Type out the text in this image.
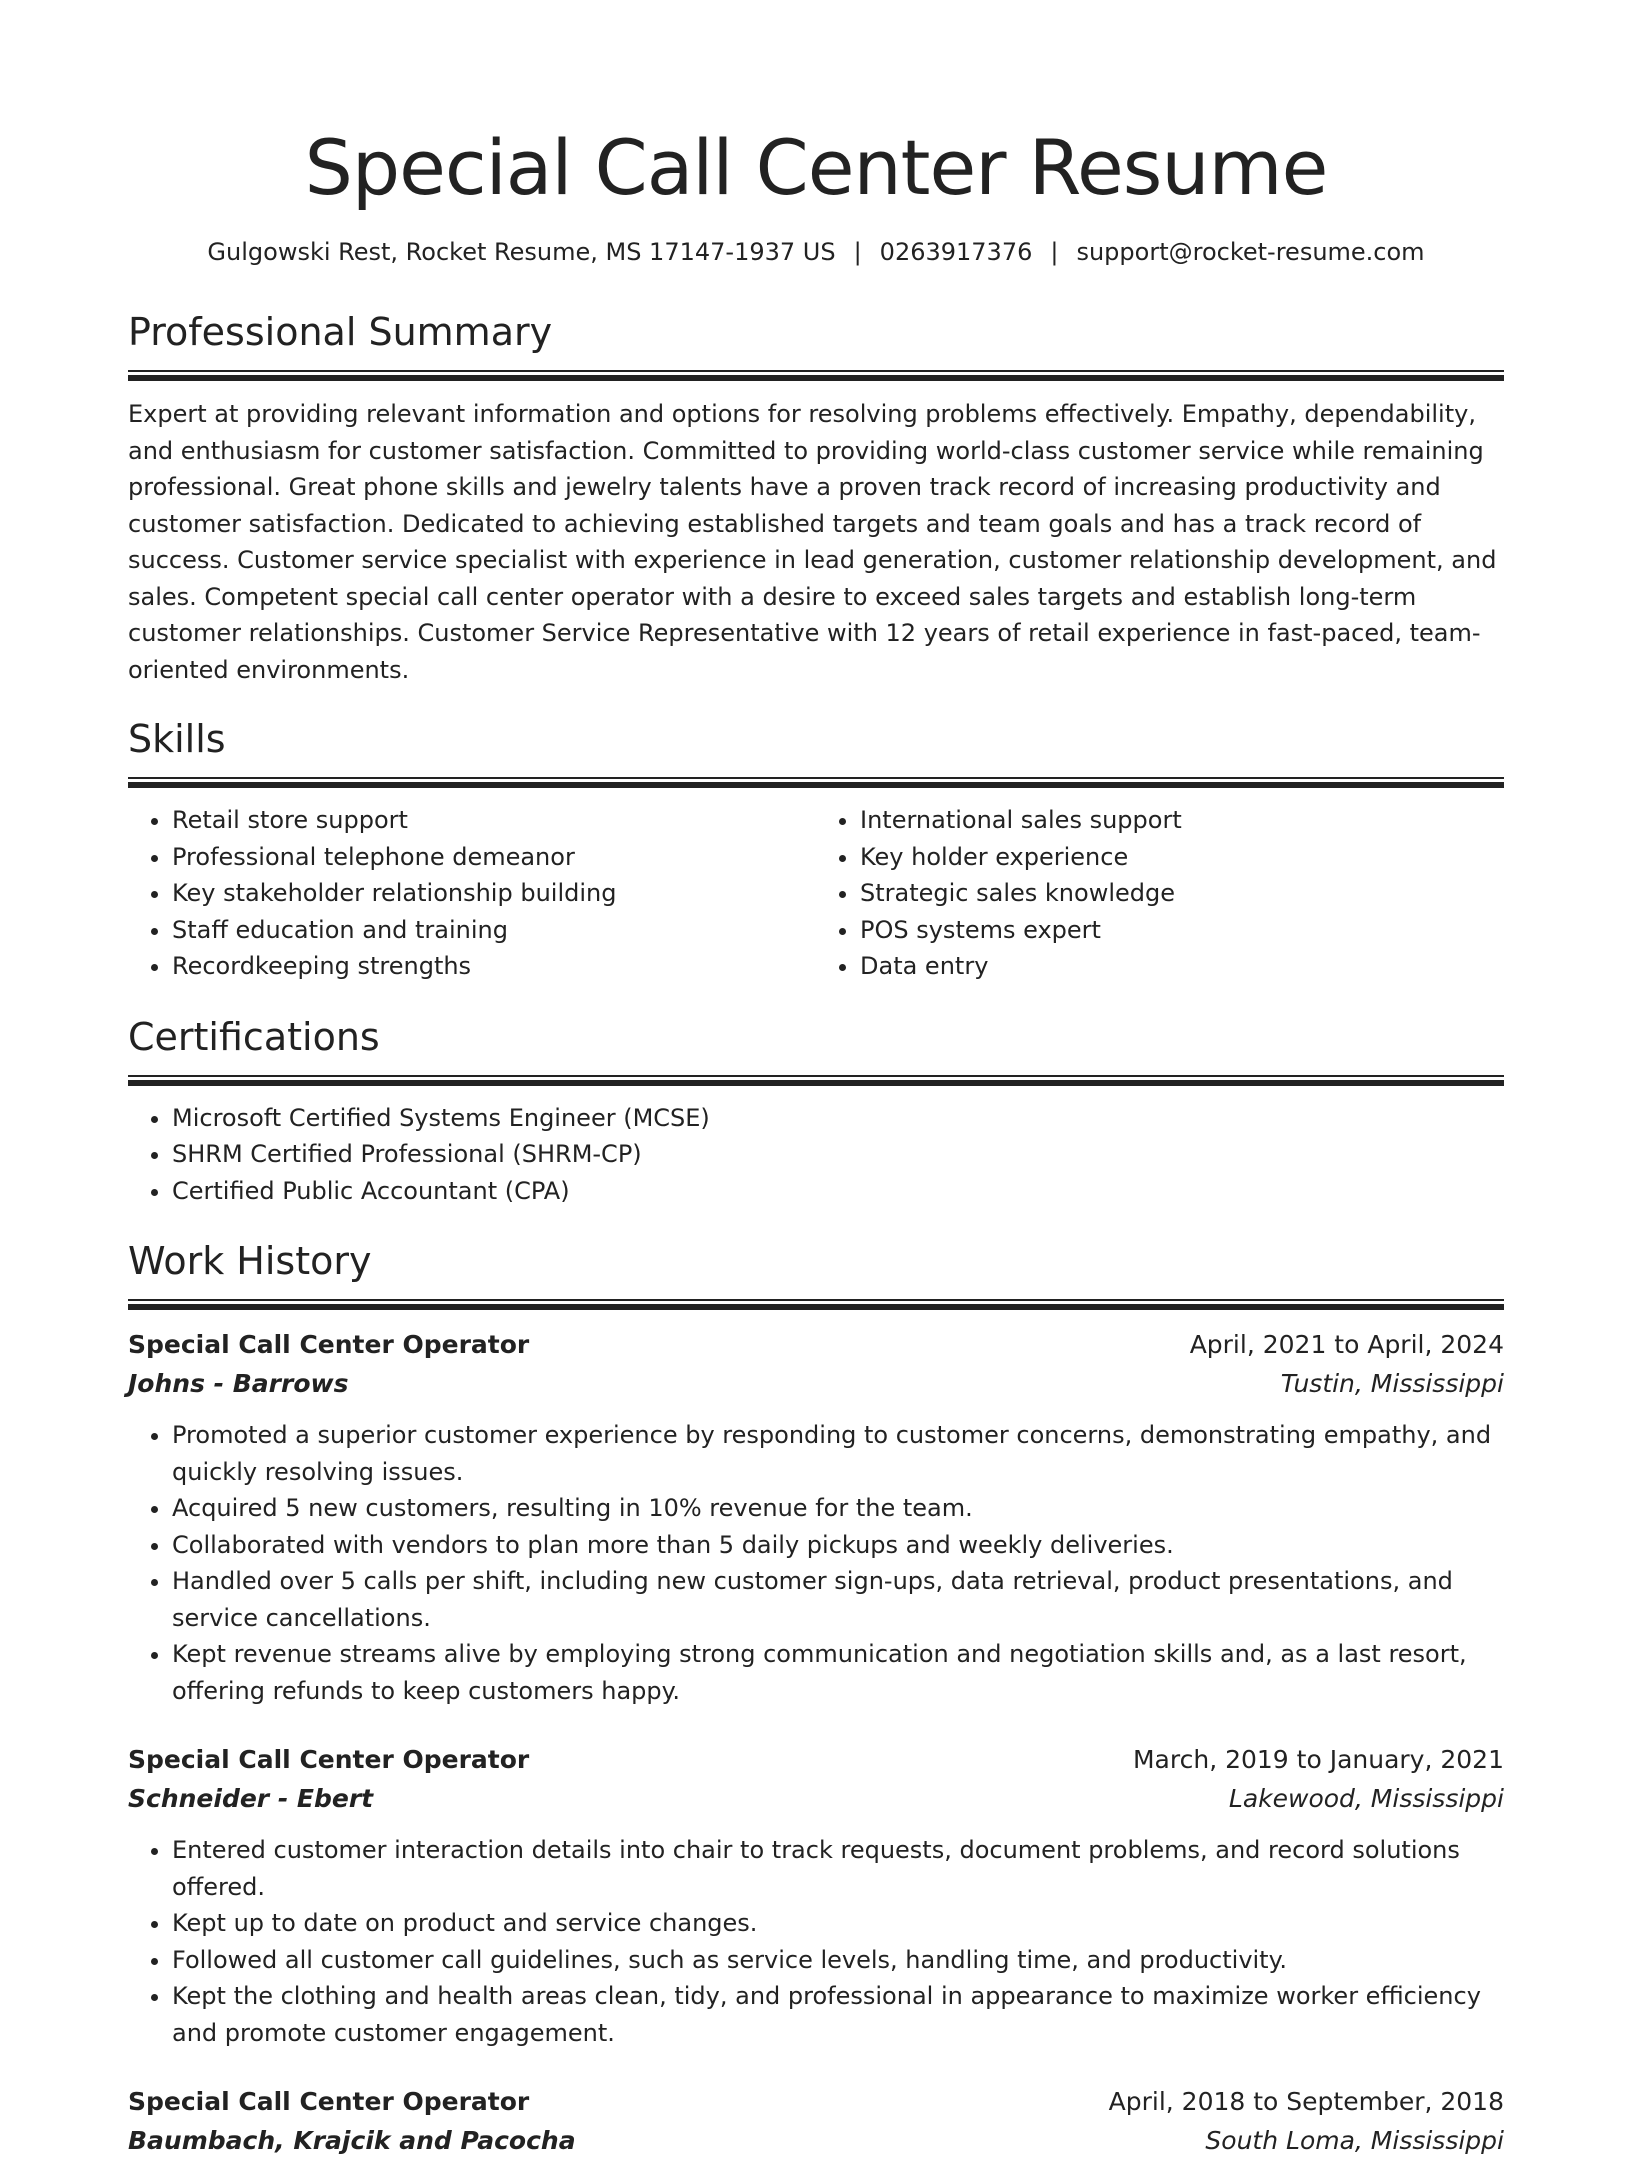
Special Call Center Resume
Gulgowski Rest, Rocket Resume, MS 17147-1937 US | 0263917376 | support@rocket-resume.com
Professional Summary

Expert at providing relevant information and options for resolving problems effectively. Empathy, dependability, and enthusiasm for customer satisfaction. Committed to providing world-class customer service while remaining professional. Great phone skills and jewelry talents have a proven track record of increasing productivity and customer satisfaction. Dedicated to achieving established targets and team goals and has a track record of success. Customer service specialist with experience in lead generation, customer relationship development, and sales. Competent special call center operator with a desire to exceed sales targets and establish long-term customer relationships. Customer Service Representative with 12 years of retail experience in fast-paced, team-oriented environments.

Skills
• Retail store support
• Professional telephone demeanor
• Key stakeholder relationship building
• Staff education and training
• Recordkeeping strengths
• International sales support
• Key holder experience
• Strategic sales knowledge
• POS systems expert
• Data entry
Certifications
• Microsoft Certified Systems Engineer (MCSE)
• SHRM Certified Professional (SHRM-CP)
• Certified Public Accountant (CPA)
Work History
Special Call Center Operator	April, 2021 to April, 2024
Johns - Barrows	Tustin, Mississippi
• Promoted a superior customer experience by responding to customer concerns, demonstrating empathy, and quickly resolving issues.
• Acquired 5 new customers, resulting in 10% revenue for the team.
• Collaborated with vendors to plan more than 5 daily pickups and weekly deliveries.
• Handled over 5 calls per shift, including new customer sign-ups, data retrieval, product presentations, and service cancellations.
• Kept revenue streams alive by employing strong communication and negotiation skills and, as a last resort, offering refunds to keep customers happy.
Special Call Center Operator	March, 2019 to January, 2021
Schneider - Ebert	Lakewood, Mississippi
• Entered customer interaction details into chair to track requests, document problems, and record solutions offered.
• Kept up to date on product and service changes.
• Followed all customer call guidelines, such as service levels, handling time, and productivity.
• Kept the clothing and health areas clean, tidy, and professional in appearance to maximize worker efficiency and promote customer engagement.
Special Call Center Operator	April, 2018 to September, 2018
Baumbach, Krajcik and Pacocha	South Loma, Mississippi
